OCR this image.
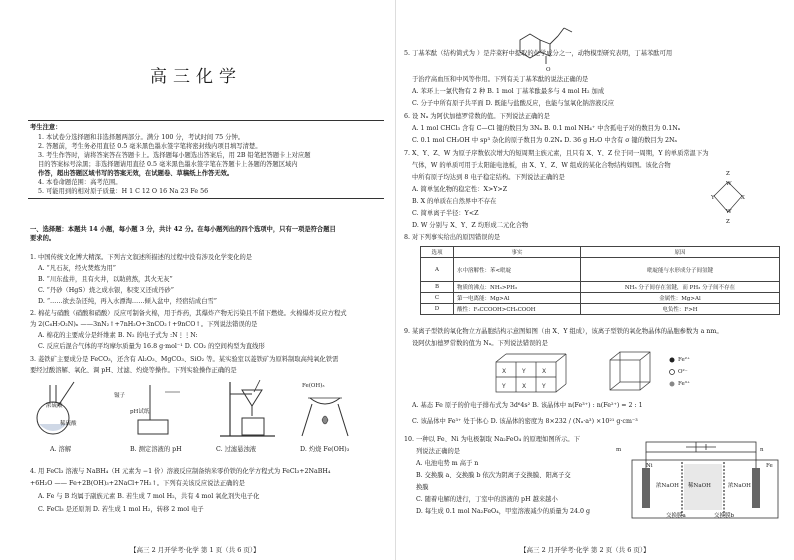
高三化学
考生注意：
1. 本试卷分选择题和非选择题两部分。满分 100 分，考试时间 75 分钟。
2. 答题前，考生务必用直径 0.5 毫米黑色墨水签字笔将密封线内项目填写清楚。
3. 考生作答时，请将答案答在答题卡上。选择题每小题选出答案后，用 2B 铅笔把答题卡上对应题
目的答案标号涂黑；非选择题请用直径 0.5 毫米黑色墨水签字笔在答题卡上各题的答题区域内
作答，超出答题区域书写的答案无效，在试题卷、草稿纸上作答无效。
4. 本卷命题范围：高考范围。
5. 可能用到的相对原子质量：H 1 C 12 O 16 Na 23 Fe 56
一、选择题：本题共 14 小题，每小题 3 分，共计 42 分。在每小题列出的四个选项中，只有一项是符合题目
要求的。
1. 中国传统文化博大精深。下列古文叙述所描述的过程中没有涉及化学变化的是
A. “凡石灰，经火焚炼为用”
B. “川东盐井，且有火井，以助煎熬，其火无灰”
C. “丹砂（HgS）烧之成水银，积变又还成丹砂”
D. “……欲去杂还纯，再入水漂淘……倾入盆中，经宿结成白雪”
2. 棉花与硝酸（硝酸和硝酸）反应可制备火棉，用于炸药，其爆炸产物无污染且不留下燃烧。火棉爆炸反应方程式
为 2(C₆H₇O₂N)ₙ ——3nN₂↑+7nH₂O+3nCO₂↑+9nCO↑。下列说法错误的是
A. 棉花的主要成分是纤维素 B. N₂ 的电子式为 :N⋮⋮N:
C. 反应后混合气体的平均摩尔质量为 16.8 g·mol⁻¹ D. CO₂ 的空间构型为直线形
3. 菱铁矿主要成分是 FeCO₃，还含有 Al₂O₃、MgCO₃、SiO₂ 等。某实验室以菱铁矿为原料制取高纯氧化铁需
要经过酸溶解、氧化、调 pH、过滤、灼烧等操作。下列实验操作正确的是
浓硫酸
稀硫酸
镊子
pH试纸
Fe(OH)₃
A. 溶解	B. 测定溶液的 pH	C. 过滤悬浊液	D. 灼烧 Fe(OH)₃
4. 用 FeCl₃ 溶液与 NaBH₄（H 元素为 −1 价）溶液反应制备纳米零价铁的化学方程式为 FeCl₃+2NaBH₄
+6H₂O —— Fe+2B(OH)₃+2NaCl+7H₂↑。下列有关该反应说法正确的是
A. Fe 与 B 均属于副族元素 B. 若生成 7 mol H₂，共有 4 mol 氧化剂失电子化
C. FeCl₃ 是还原剂 D. 若生成 1 mol H₂，转移 2 mol 电子
【高三 2 月开学考·化学 第 1 页（共 6 页）】
5. 丁基苯酞（结构简式为 ）是芹菜籽中提取的化学成分之一，动物模型研究表明，丁基苯酞可用
O
于治疗高血压和中风等作用。下列有关丁基苯酞的说法正确的是
A. 苯环上一氯代物有 2 种 B. 1 mol 丁基苯酞最多与 4 mol H₂ 加成
C. 分子中所有原子共平面 D. 既能与盐酸反应，也能与氢氧化钠溶液反应
6. 设 Nₐ 为阿伏加德罗常数的值。下列说法正确的是
A. 1 mol CHCl₃ 含有 C—Cl 键的数目为 3Nₐ B. 0.1 mol NH₄⁺ 中含孤电子对的数目为 0.1Nₐ
C. 0.1 mol CH₃OH 中 sp³ 杂化的原子数目为 0.2Nₐ D. 36 g H₂O 中含有 σ 键的数目为 2Nₐ
7. X、Y、Z、W 为原子序数依次增大的短周期主族元素，且只有 X、Y、Z 位于同一周期，Y 的单质常温下为
气体，W 的单质可用于太阳能电池板，由 X、Y、Z、W 组成的某化合物结构如图。该化合物
中所有原子均达到 8 电子稳定结构。下列说法正确的是
A. 简单氢化物的稳定性：X>Y>Z
B. X 的单质在自然界中不存在
C. 简单离子半径：Y<Z
D. W 分别与 X、Y、Z 均形成二元化合物
Z
W
Y	X
W
Z
8. 对下列事实给出的原因错误的是
选项	事实	原因
A	水中溶解性：苯<吡啶	吡啶能与水形成分子间氢键
B	物质的沸点：NH₃>PH₃	NH₃ 分子间存在氢键，而 PH₃ 分子间不存在
C	第一电离能：Mg>Al	金属性：Mg>Al
D	酸性：F₃CCOOH>CH₃COOH	电负性：F>H
9. 某离子型铁的氧化物立方晶胞结构示意图如图（由 X、Y 组成），该离子型铁的氧化物晶体的晶胞参数为 a nm。
设阿伏加德罗常数的值为 Nₐ。下列说法错误的是
X	Y	X
Y	X	Y
Fe²⁺
O²⁻
Fe³⁺
A. 基态 Fe 原子的价电子排布式为 3d⁶4s² B. 该晶体中 n(Fe³⁺) : n(Fe²⁺) = 2 : 1
C. 该晶体中 Fe³⁺ 处于体心 D. 该晶体的密度为 8×232 / (Nₐ·a³) ×10²¹ g·cm⁻³
10. 一种以 Fe、Ni 为电极制取 Na₂FeO₄ 的原理如图所示。下
列说法正确的是
A. 电池电势 m 高于 n
B. 交换膜 a、交换膜 b 依次为阴离子交换膜、阳离子交
换膜
C. 随着电解的进行，丁室中的溶液的 pH 越来越小
D. 每生成 0.1 mol Na₂FeO₄，甲室溶液减少的质量为 24.0 g
m	n
Ni	Fe
浓NaOH 稀NaOH	浓NaOH
交换膜a	交换膜b
【高三 2 月开学考·化学 第 2 页（共 6 页）】
